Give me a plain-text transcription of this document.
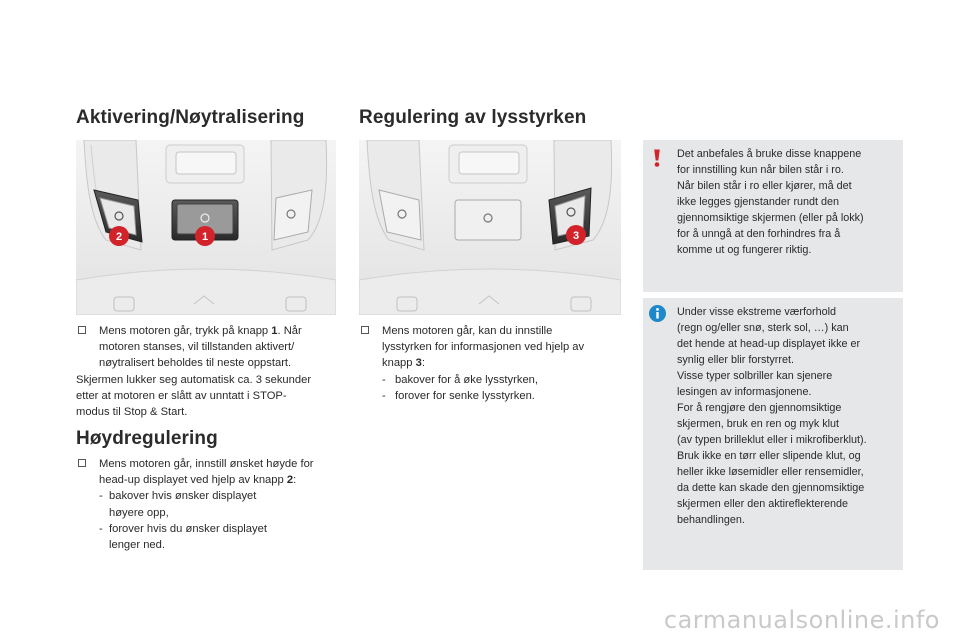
Aktivering/Nøytralisering	Regulering av lysstyrken
2	1	3

Mens motoren går, trykk på knapp 1. Når

motoren stanses, vil tillstanden aktivert/

nøytralisert beholdes til neste oppstart.

Skjermen lukker seg automatisk ca. 3 sekunder

etter at motoren er slått av unntatt i STOP-

modus til Stop & Start.

Høydregulering

Mens motoren går, innstill ønsket høyde for

head-up displayet ved hjelp av knapp 2:

- bakover hvis ønsker displayet

høyere opp,

- forover hvis du ønsker displayet

lenger ned.

Mens motoren går, kan du innstille

lysstyrken for informasjonen ved hjelp av

knapp 3:

- bakover for å øke lysstyrken,

- forover for senke lysstyrken.

Det anbefales å bruke disse knappene

for innstilling kun når bilen står i ro.

Når bilen står i ro eller kjører, må det

ikke legges gjenstander rundt den

gjennomsiktige skjermen (eller på lokk)

for å unngå at den forhindres fra å

komme ut og fungerer riktig.

Under visse ekstreme værforhold

(regn og/eller snø, sterk sol, …) kan

det hende at head-up displayet ikke er

synlig eller blir forstyrret.

Visse typer solbriller kan sjenere

lesingen av informasjonene.

For å rengjøre den gjennomsiktige

skjermen, bruk en ren og myk klut

(av typen brilleklut eller i mikrofiberklut).

Bruk ikke en tørr eller slipende klut, og

heller ikke løsemidler eller rensemidler,

da dette kan skade den gjennomsiktige

skjermen eller den aktireflekterende

behandlingen.

carmanualsonline.info
